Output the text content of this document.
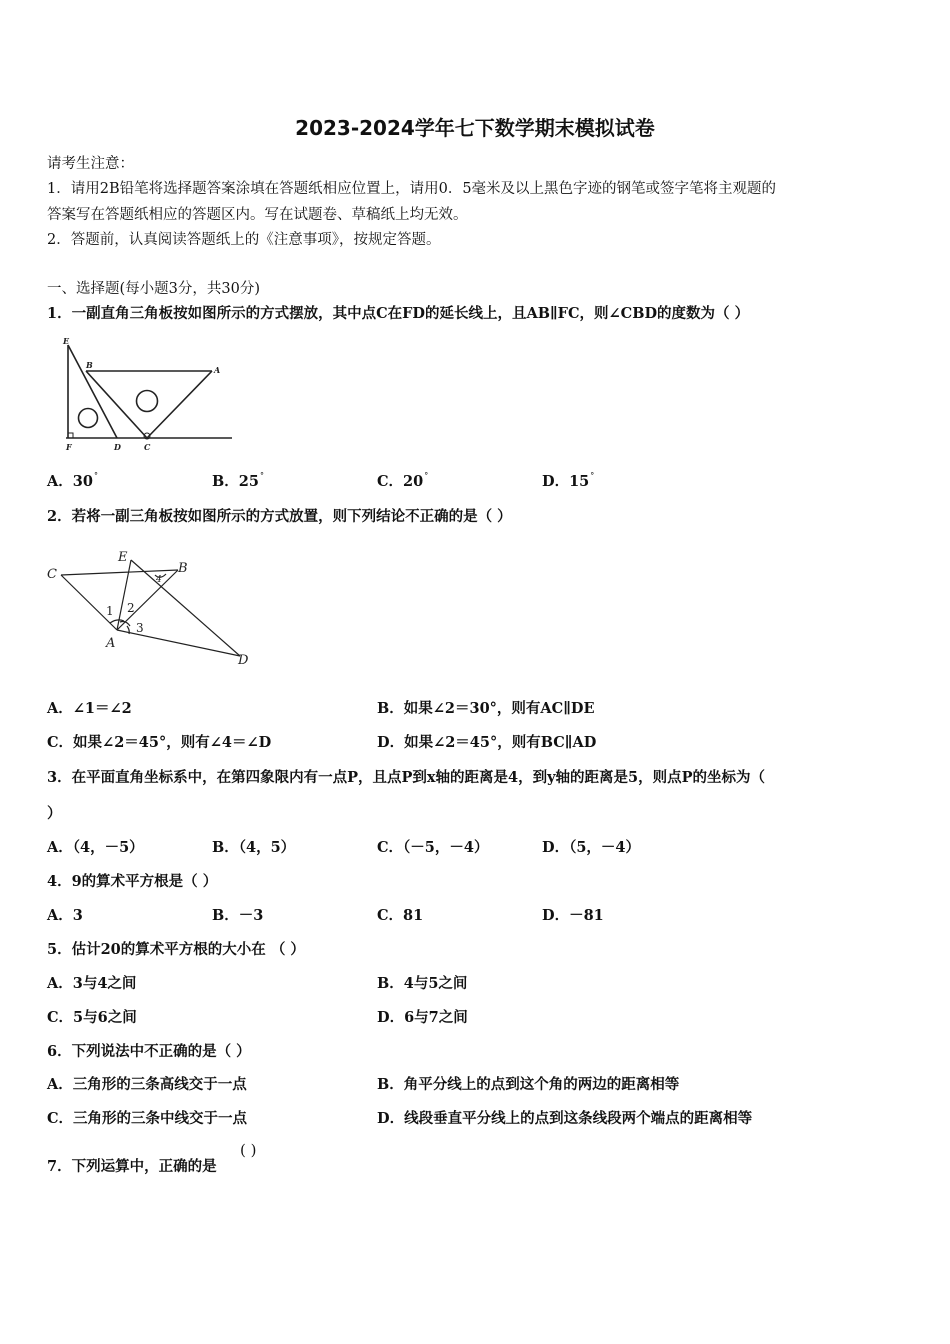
2023-2024学年七下数学期末模拟试卷
请考生注意：
1．请用2B铅笔将选择题答案涂填在答题纸相应位置上，请用0．5毫米及以上黑色字迹的钢笔或签字笔将主观题的
答案写在答题纸相应的答题区内。写在试题卷、草稿纸上均无效。
2．答题前，认真阅读答题纸上的《注意事项》，按规定答题。
一、选择题(每小题3分，共30分)
1．一副直角三角板按如图所示的方式摆放，其中点C在FD的延长线上，且AB∥FC，则∠CBD的度数为（ ）
E
B	A
F	D	C
A．30°	B．25°	C．20°	D．15°
2．若将一副三角板按如图所示的方式放置，则下列结论不正确的是（ ）
C
E
B
A
D
1 2
3
4
A．∠1＝∠2	B．如果∠2＝30°，则有AC∥DE
C．如果∠2＝45°，则有∠4＝∠D	D．如果∠2＝45°，则有BC∥AD
3．在平面直角坐标系中，在第四象限内有一点P，且点P到x轴的距离是4，到y轴的距离是5，则点P的坐标为（
）
A．（4，－5）	B．（4，5）	C．（－5，－4）	D．（5，－4）
4．9的算术平方根是（ ）
A．3	B．－3	C．81	D．－81
5．估计20的算术平方根的大小在 （ ）
A．3与4之间	B．4与5之间
C．5与6之间	D．6与7之间
6．下列说法中不正确的是（ ）
A．三角形的三条高线交于一点	B．角平分线上的点到这个角的两边的距离相等
C．三角形的三条中线交于一点	D．线段垂直平分线上的点到这条线段两个端点的距离相等
7．下列运算中，正确的是
( )
